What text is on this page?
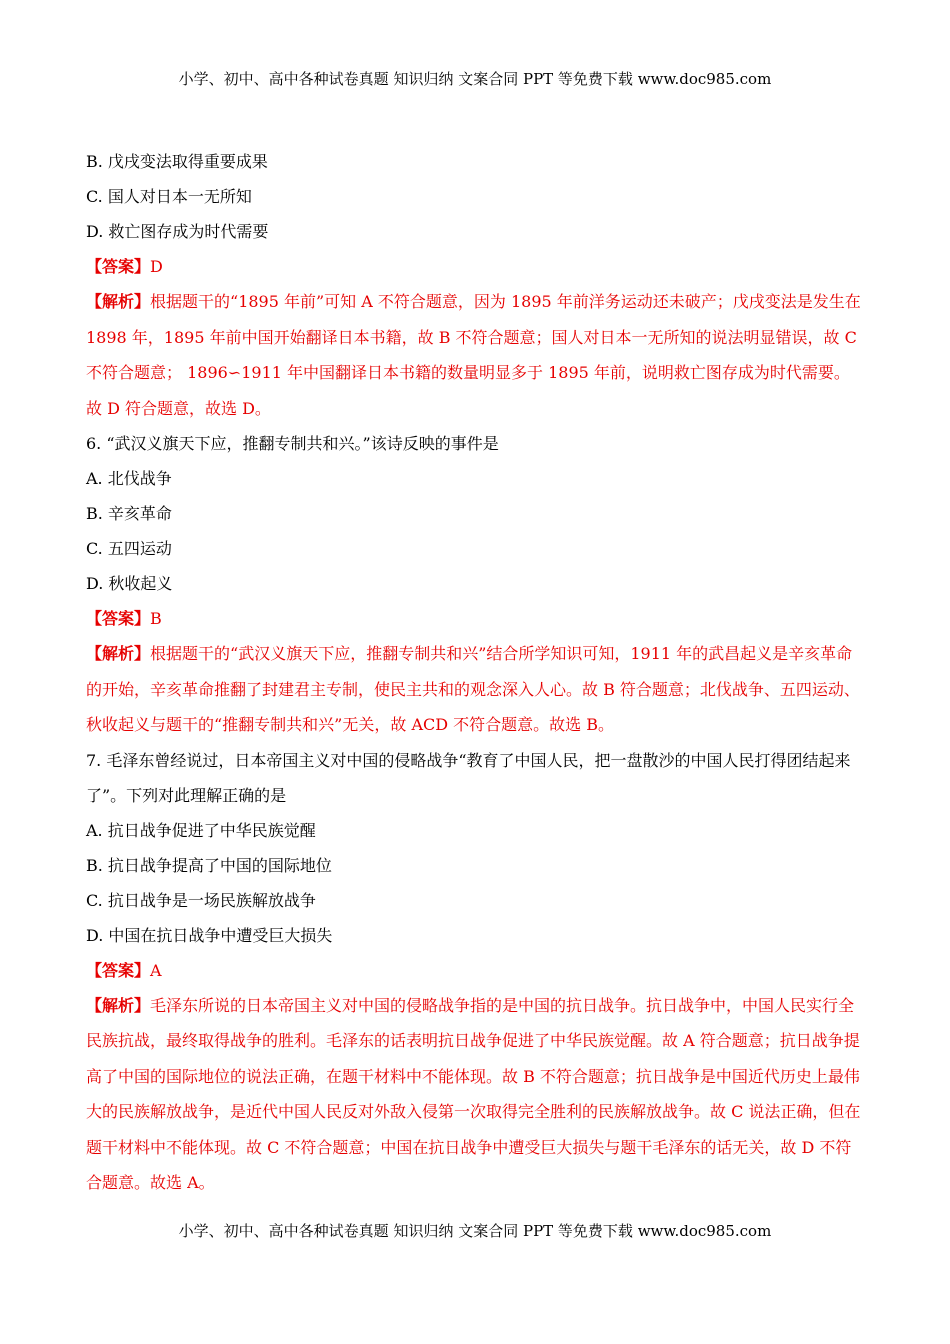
小学、初中、高中各种试卷真题 知识归纳 文案合同 PPT 等免费下载 www.doc985.com
B. 戊戌变法取得重要成果
C. 国人对日本一无所知
D. 救亡图存成为时代需要
【答案】D
【解析】根据题干的“1895 年前”可知 A 不符合题意，因为 1895 年前洋务运动还未破产；戊戌变法是发生在 1898 年，1895 年前中国开始翻译日本书籍，故 B 不符合题意；国人对日本一无所知的说法明显错误，故 C 不符合题意； 1896∽1911 年中国翻译日本书籍的数量明显多于 1895 年前，说明救亡图存成为时代需要。故 D 符合题意，故选 D。
6. “武汉义旗天下应，推翻专制共和兴。”该诗反映的事件是
A. 北伐战争
B. 辛亥革命
C. 五四运动
D. 秋收起义
【答案】B
【解析】根据题干的“武汉义旗天下应，推翻专制共和兴”结合所学知识可知，1911 年的武昌起义是辛亥革命的开始，辛亥革命推翻了封建君主专制，使民主共和的观念深入人心。故 B 符合题意；北伐战争、五四运动、秋收起义与题干的“推翻专制共和兴”无关，故 ACD 不符合题意。故选 B。
7. 毛泽东曾经说过，日本帝国主义对中国的侵略战争“教育了中国人民，把一盘散沙的中国人民打得团结起来了”。下列对此理解正确的是
A. 抗日战争促进了中华民族觉醒
B. 抗日战争提高了中国的国际地位
C. 抗日战争是一场民族解放战争
D. 中国在抗日战争中遭受巨大损失
【答案】A
【解析】毛泽东所说的日本帝国主义对中国的侵略战争指的是中国的抗日战争。抗日战争中，中国人民实行全民族抗战，最终取得战争的胜利。毛泽东的话表明抗日战争促进了中华民族觉醒。故 A 符合题意；抗日战争提高了中国的国际地位的说法正确，在题干材料中不能体现。故 B 不符合题意；抗日战争是中国近代历史上最伟大的民族解放战争，是近代中国人民反对外敌入侵第一次取得完全胜利的民族解放战争。故 C 说法正确，但在题干材料中不能体现。故 C 不符合题意；中国在抗日战争中遭受巨大损失与题干毛泽东的话无关，故 D 不符合题意。故选 A。
小学、初中、高中各种试卷真题 知识归纳 文案合同 PPT 等免费下载 www.doc985.com
